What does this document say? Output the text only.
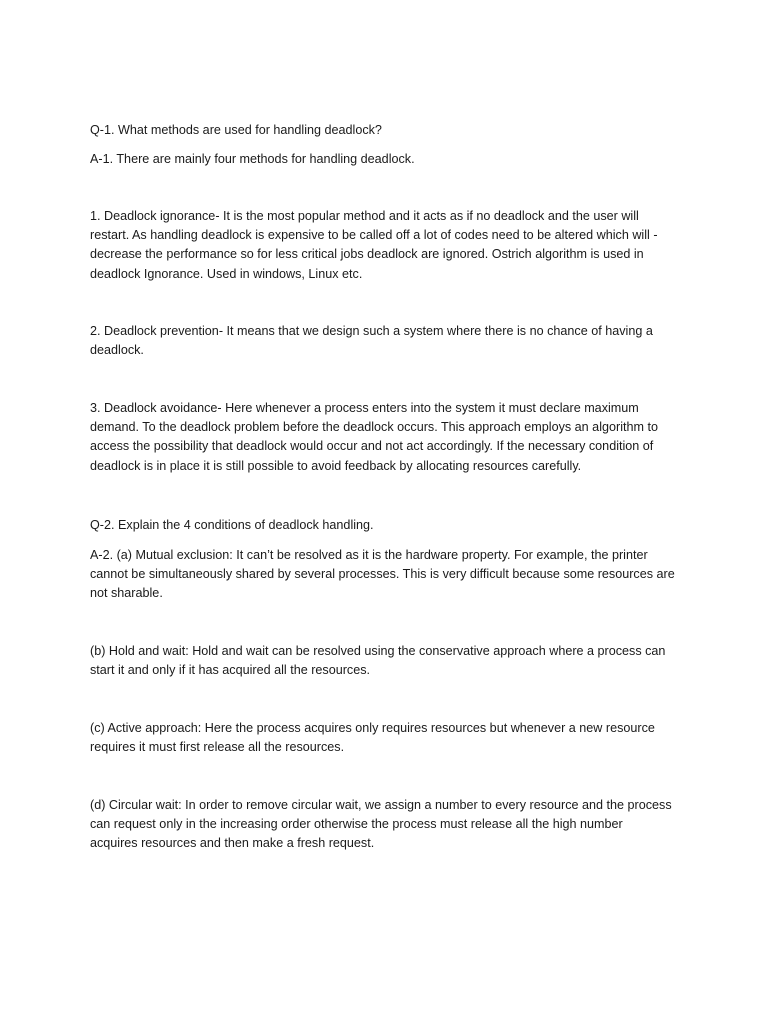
Q-1. What methods are used for handling deadlock?

A-1. There are mainly four methods for handling deadlock.

1. Deadlock ignorance- It is the most popular method and it acts as if no deadlock and the user will
restart. As handling deadlock is expensive to be called off a lot of codes need to be altered which will -
decrease the performance so for less critical jobs deadlock are ignored. Ostrich algorithm is used in
deadlock Ignorance. Used in windows, Linux etc.

2. Deadlock prevention- It means that we design such a system where there is no chance of having a
deadlock.

3. Deadlock avoidance- Here whenever a process enters into the system it must declare maximum
demand. To the deadlock problem before the deadlock occurs. This approach employs an algorithm to
access the possibility that deadlock would occur and not act accordingly. If the necessary condition of
deadlock is in place it is still possible to avoid feedback by allocating resources carefully.

Q-2. Explain the 4 conditions of deadlock handling.

A-2. (a) Mutual exclusion: It can’t be resolved as it is the hardware property. For example, the printer
cannot be simultaneously shared by several processes. This is very difficult because some resources are
not sharable.

(b) Hold and wait: Hold and wait can be resolved using the conservative approach where a process can
start it and only if it has acquired all the resources.

(c) Active approach: Here the process acquires only requires resources but whenever a new resource
requires it must first release all the resources.

(d) Circular wait: In order to remove circular wait, we assign a number to every resource and the process
can request only in the increasing order otherwise the process must release all the high number
acquires resources and then make a fresh request.
